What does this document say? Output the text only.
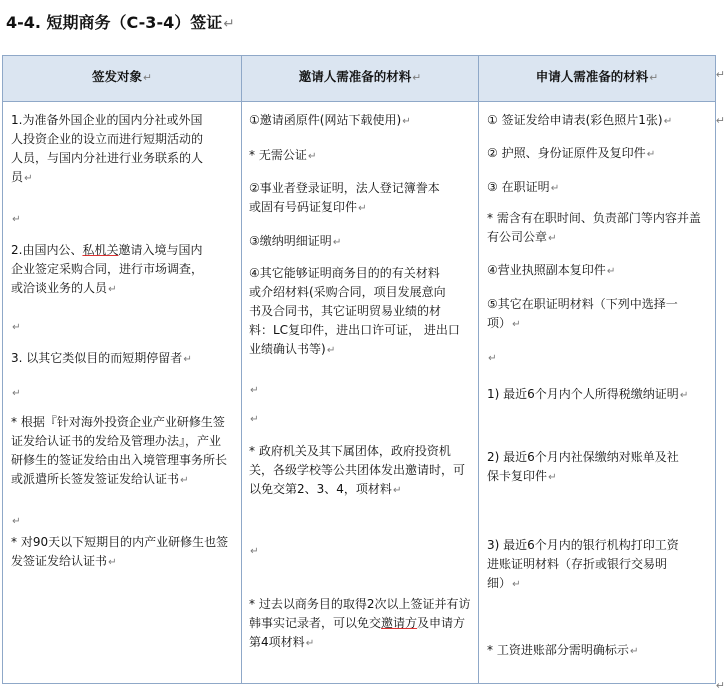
4-4. 短期商务（C-3-4）签证↵
签发对象↵	邀请人需准备的材料↵	申请人需准备的材料↵
1.为准备外国企业的国内分社或外国
人投资企业的设立而进行短期活动的
人员，与国内分社进行业务联系的人
员↵
↵
2.由国内公、私机关邀请入境与国内
企业签定采购合同，进行市场调查，
或洽谈业务的人员↵
↵
3. 以其它类似目的而短期停留者↵
↵
* 根据『针对海外投资企业产业研修生签
证发给认证书的发给及管理办法』，产业
研修生的签证发给由出入境管理事务所长
或派遣所长签发签证发给认证书↵
↵
* 对90天以下短期目的内产业研修生也签
发签证发给认证书↵
①邀请函原件(网站下载使用)↵
* 无需公证↵
②事业者登录证明，法人登记簿誊本
或固有号码证复印件↵
③缴纳明细证明↵
④其它能够证明商务目的的有关材料
或介绍材料(采购合同，项目发展意向
书及合同书，其它证明贸易业绩的材
料：LC复印件，进出口许可证， 进出口
业绩确认书等)↵
↵
↵
* 政府机关及其下属团体，政府投资机
关，各级学校等公共团体发出邀请时，可
以免交第2、3、4，项材料↵
↵
* 过去以商务目的取得2次以上签证并有访
韩事实记录者，可以免交邀请方及申请方
第4项材料↵
① 签证发给申请表(彩色照片1张)↵
② 护照、身份证原件及复印件↵
③ 在职证明↵
* 需含有在职时间、负责部门等内容并盖
有公司公章↵
④营业执照副本复印件↵
⑤其它在职证明材料（下列中选择一
项）↵
↵
1) 最近6个月内个人所得税缴纳证明↵
2) 最近6个月内社保缴纳对账单及社
保卡复印件↵
3) 最近6个月内的银行机构打印工资
进账证明材料（存折或银行交易明
细）↵
* 工资进账部分需明确标示↵
↵
↵
↵
